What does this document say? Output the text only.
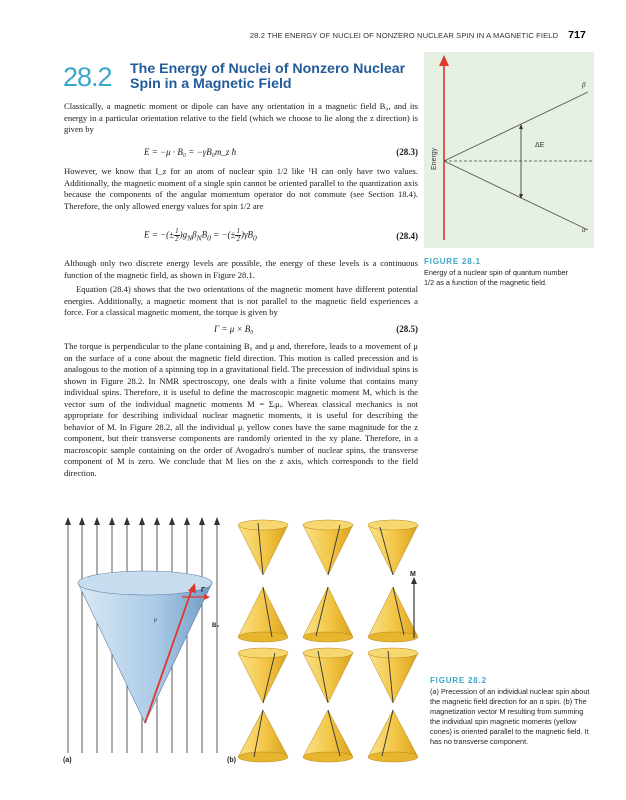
28.2 THE ENERGY OF NUCLEI OF NONZERO NUCLEAR SPIN IN A MAGNETIC FIELD 717
28.2 The Energy of Nuclei of Nonzero Nuclear Spin in a Magnetic Field

Classically, a magnetic moment or dipole can have any orientation in a magnetic field B₀, and its energy in a particular orientation relative to the field (which we choose to lie along the z direction) is given by

E = −μ · B₀ = −γB₀m_z ħ	(28.3)

However, we know that I_z for an atom of nuclear spin 1/2 like ¹H can only have two values. Additionally, the magnetic moment of a single spin cannot be oriented parallel to the quantization axis because the components of the angular momentum operator do not commute (see Section 18.4). Therefore, the only allowed energy values for spin 1/2 are

E = −(± $\frac{1}{2} )g_N\beta_NB_0$ = −(± $\frac{1}{2} )\gamma B_0$	(28.4)

Although only two discrete energy levels are possible, the energy of these levels is a continuous function of the magnetic field, as shown in Figure 28.1.

Equation (28.4) shows that the two orientations of the magnetic moment have different potential energies. Additionally, a magnetic moment that is not parallel to the magnetic field experiences a force. For a classical magnetic moment, the torque is given by

Γ = μ × B₀	(28.5)

The torque is perpendicular to the plane containing B₀ and μ and, therefore, leads to a movement of μ on the surface of a cone about the magnetic field direction. This motion is called precession and is analogous to the motion of a spinning top in a gravitational field. The precession of individual spins is shown in Figure 28.2. In NMR spectroscopy, one deals with a finite volume that contains many individual spins. Therefore, it is useful to define the macroscopic magnetic moment M, which is the vector sum of the individual magnetic moments M = Σᵢμᵢ. Whereas classical mechanics is not appropriate for describing individual nuclear magnetic moments, it is useful for describing the behavior of M. In Figure 28.2, all the individual μᵢ yellow cones have the same magnitude for the z component, but their transverse components are randomly oriented in the xy plane. Therefore, in a macroscopic sample containing on the order of Avogadro's number of nuclear spins, the transverse component of M is zero. We conclude that M lies on the z axis, which corresponds to the field direction.

Energy
β
α
ΔE
FIGURE 28.1
Energy of a nuclear spin of quantum number 1/2 as a function of the magnetic field.
Γ
μ
B₀
(a)	(b)
M
FIGURE 28.2
(a) Precession of an individual nuclear spin about the magnetic field direction for an α spin. (b) The magnetization vector M resulting from summing the individual spin magnetic moments (yellow cones) is oriented parallel to the magnetic field. It has no transverse component.
